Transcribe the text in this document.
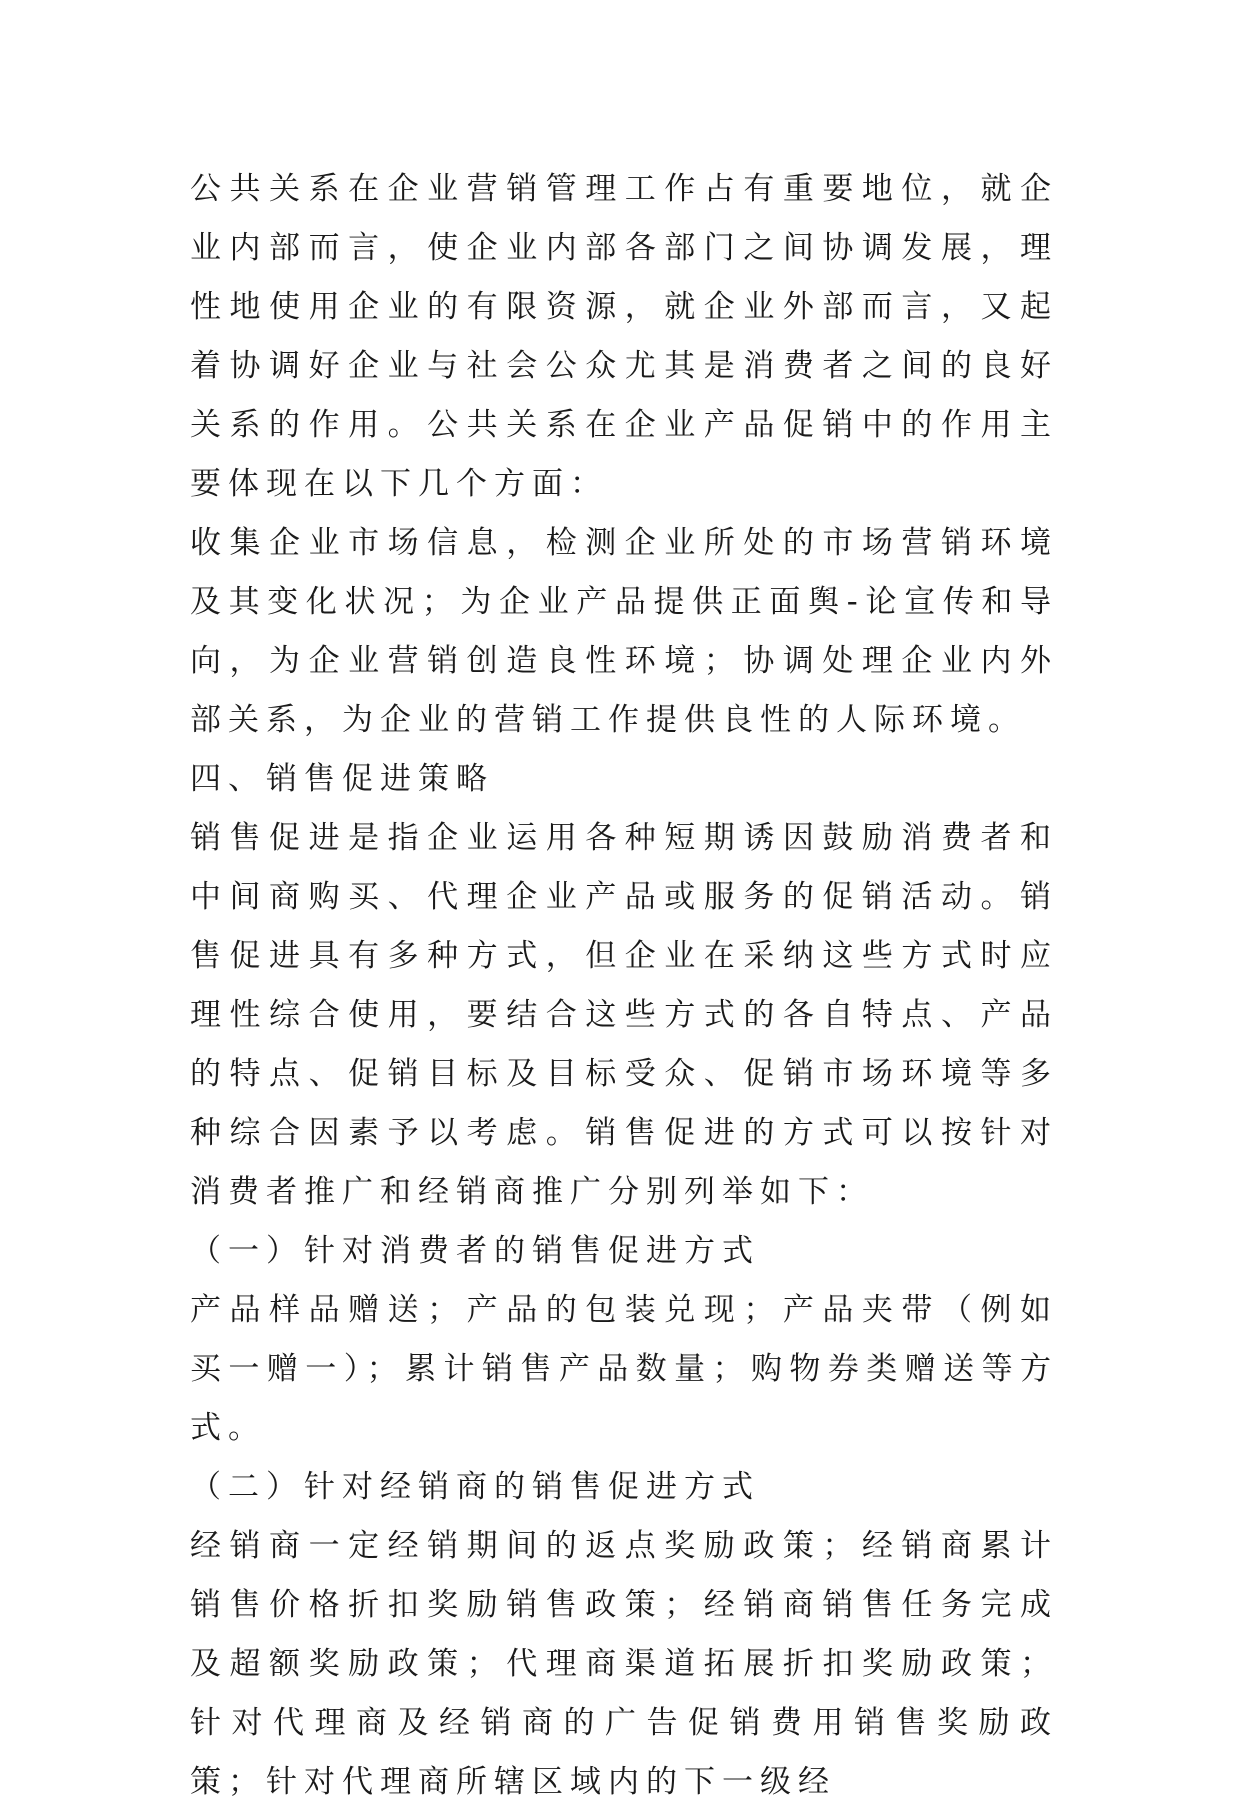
公共关系在企业营销管理工作占有重要地位，就企业内部而言，使企业内部各部门之间协调发展，理性地使用企业的有限资源，就企业外部而言，又起着协调好企业与社会公众尤其是消费者之间的良好关系的作用。公共关系在企业产品促销中的作用主要体现在以下几个方面：

收集企业市场信息，检测企业所处的市场营销环境及其变化状况；为企业产品提供正面舆-论宣传和导向，为企业营销创造良性环境；协调处理企业内外部关系，为企业的营销工作提供良性的人际环境。

四、销售促进策略

销售促进是指企业运用各种短期诱因鼓励消费者和中间商购买、代理企业产品或服务的促销活动。销售促进具有多种方式，但企业在采纳这些方式时应理性综合使用，要结合这些方式的各自特点、产品的特点、促销目标及目标受众、促销市场环境等多种综合因素予以考虑。销售促进的方式可以按针对消费者推广和经销商推广分别列举如下：

（一）针对消费者的销售促进方式

产品样品赠送；产品的包装兑现；产品夹带（例如买一赠一）；累计销售产品数量；购物券类赠送等方式。

（二）针对经销商的销售促进方式

经销商一定经销期间的返点奖励政策；经销商累计销售价格折扣奖励销售政策；经销商销售任务完成及超额奖励政策；代理商渠道拓展折扣奖励政策；针对代理商及经销商的广告促销费用销售奖励政策；针对代理商所辖区域内的下一级经
